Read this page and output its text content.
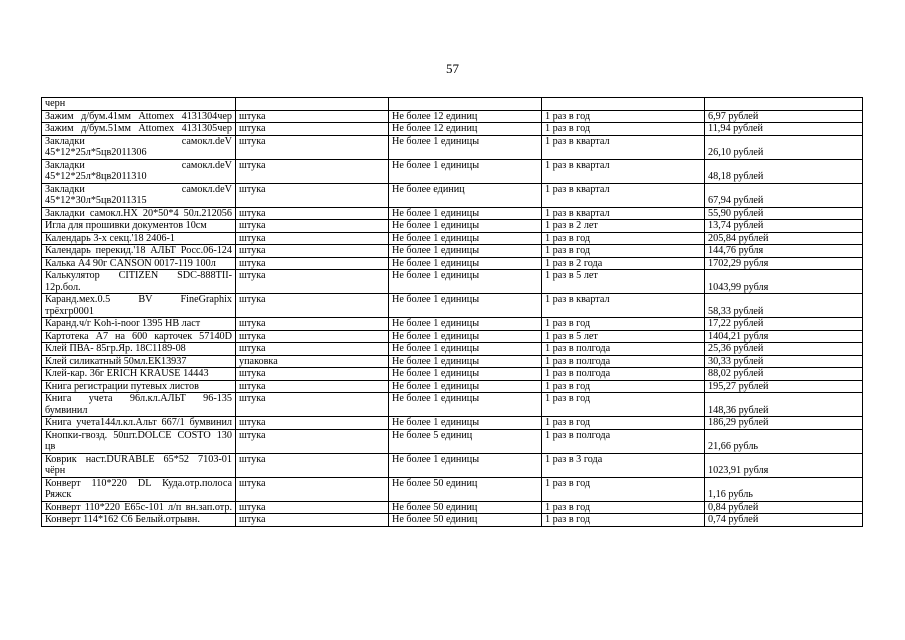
57
черн				
Зажим д/бум.41мм Attomex 4131304чер	штука	Не более 12 единиц	1 раз в год	6,97 рублей
Зажим д/бум.51мм Attomex 4131305чер	штука	Не более 12 единиц	1 раз в год	11,94 рублей
Закладки самокл.deV 45*12*25л*5цв2011306	штука	Не более 1 единицы	1 раз в квартал	26,10 рублей
Закладки самокл.deV 45*12*25л*8цв2011310	штука	Не более 1 единицы	1 раз в квартал	48,18 рублей
Закладки самокл.deV 45*12*30л*5цв2011315	штука	Не более единиц	1 раз в квартал	67,94 рублей
Закладки самокл.HX 20*50*4 50л.212056	штука	Не более 1 единицы	1 раз в квартал	55,90 рублей
Игла для прошивки документов 10см	штука	Не более 1 единицы	1 раз в 2 лет	13,74 рублей
Календарь 3-х секц.'18 2406-1	штука	Не более 1 единицы	1 раз в год	205,84 рублей
Календарь перекид.'18 АЛЬТ Росс.06-124	штука	Не более 1 единицы	1 раз в год	144,76 рубля
Калька А4 90г CANSON 0017-119 100л	штука	Не более 1 единицы	1 раз в 2 года	1702,29 рубля
Калькулятор CITIZEN SDC-888TII-12р.бол.	штука	Не более 1 единицы	1 раз в 5 лет	1043,99 рубля
Каранд.мех.0.5 BV FineGraphix трёхгр0001	штука	Не более 1 единицы	1 раз в квартал	58,33 рублей
Каранд.ч/г Koh-i-noor 1395 HB ласт	штука	Не более 1 единицы	1 раз в год	17,22 рублей
Картотека А7 на 600 карточек 57140D	штука	Не более 1 единицы	1 раз в 5 лет	1404,21 рубля
Клей ПВА- 85гр.Яр. 18С1189-08	штука	Не более 1 единицы	1 раз в полгода	25,36 рублей
Клей силикатный 50мл.ЕК13937	упаковка	Не более 1 единицы	1 раз в полгода	30,33 рублей
Клей-кар. 36г ERICH KRAUSE 14443	штука	Не более 1 единицы	1 раз в полгода	88,02 рублей
Книга регистрации путевых листов	штука	Не более 1 единицы	1 раз в год	195,27 рублей
Книга учета 96л.кл.АЛЬТ 96-135 бумвинил	штука	Не более 1 единицы	1 раз в год	148,36 рублей
Книга учета144л.кл.Альт 667/1 бумвинил	штука	Не более 1 единицы	1 раз в год	186,29 рублей
Кнопки-гвозд. 50шт.DOLCE COSTO 130 цв	штука	Не более 5 единиц	1 раз в полгода	21,66 рубль
Коврик наст.DURABLE 65*52 7103-01 чёрн	штука	Не более 1 единицы	1 раз в 3 года	1023,91 рубля
Конверт 110*220 DL Куда.отр.полоса Ряжск	штука	Не более 50 единиц	1 раз в год	1,16 рубль
Конверт 110*220 E65с-101 л/п вн.зап.отр.	штука	Не более 50 единиц	1 раз в год	0,84 рублей
Конверт 114*162 С6 Белый.отрывн.	штука	Не более 50 единиц	1 раз в год	0,74 рублей
